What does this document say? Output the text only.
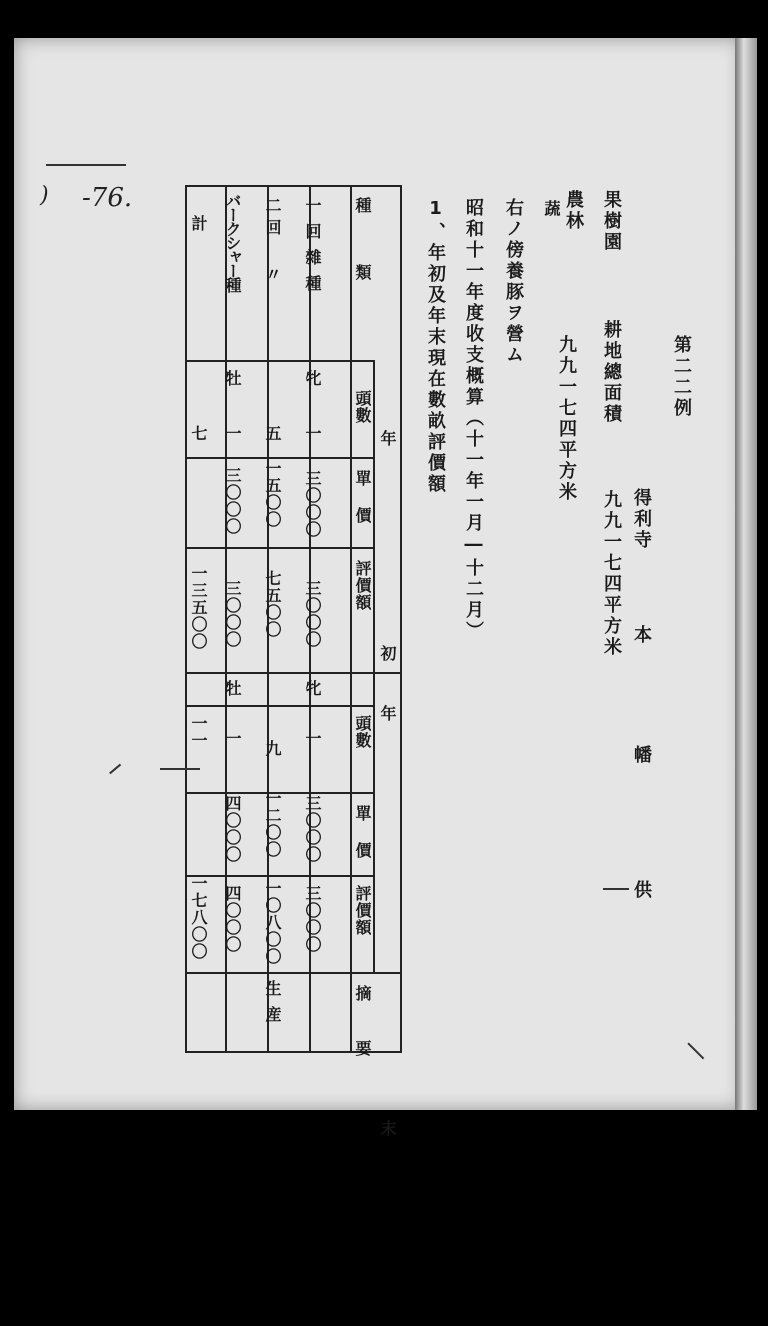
) -76.
第二二例
得利寺
本
幡
供
果樹園
耕地總面積
九九一七四平方米
農林
蔬
九九一七四平方米
右ノ傍養豚ヲ營ム
昭和十一年度收支概算（十一年一月―十二月）
1、年初及年末現在數畝評價額
種 類
年 初
年 末
摘 要
頭數
單 價
評價額
頭數
單 價
評價額
一回雜種
牝
一
三〇〇〇
三〇〇〇
牝
一
三〇〇〇
三〇〇〇
二回 〃
五
一五〇〇
七五〇〇
九
一二〇〇
一〇八〇〇
生産
バークシャー種
牡
一
三〇〇〇
三〇〇〇
牡
一
四〇〇〇
四〇〇〇
計
七
一三五〇〇
一一
一七八〇〇
